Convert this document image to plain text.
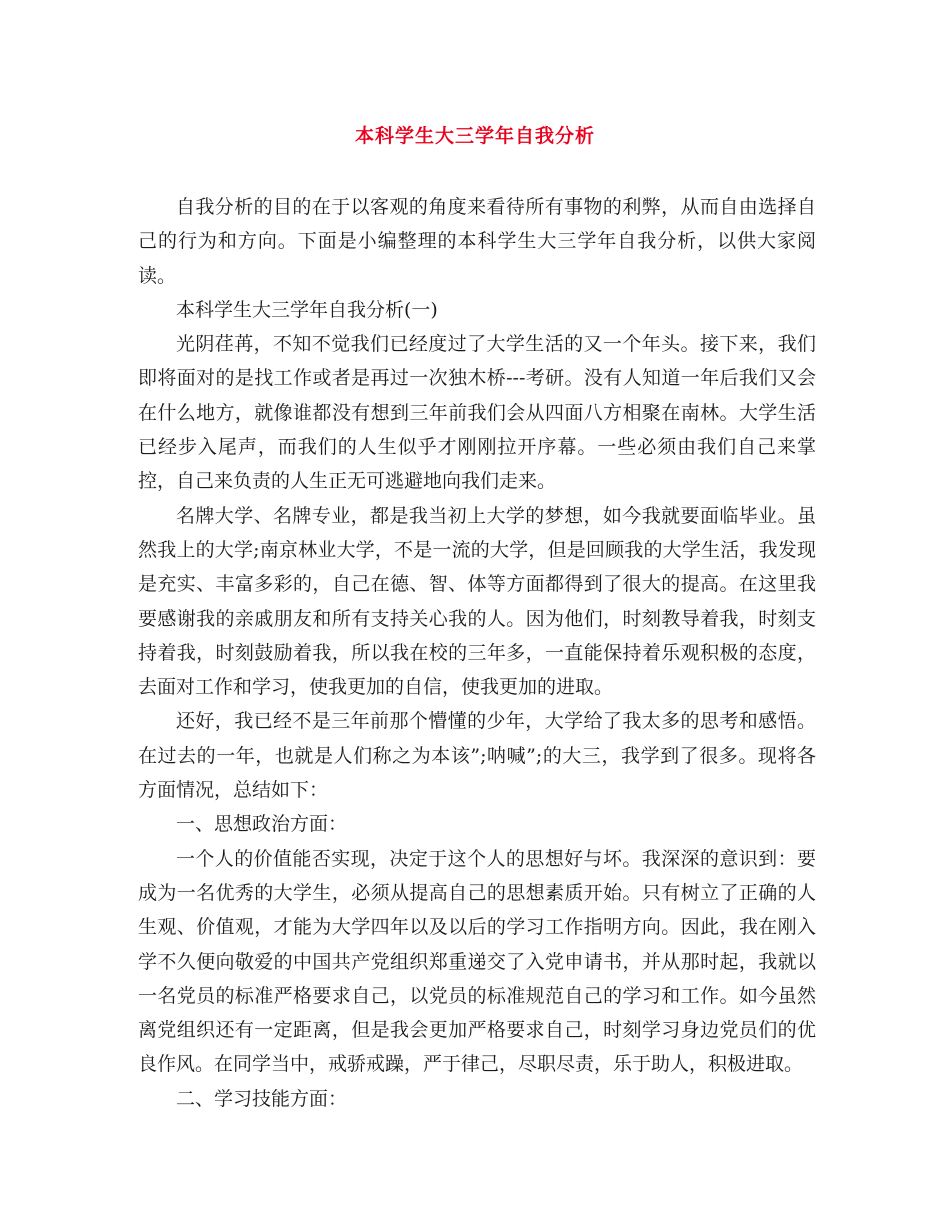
本科学生大三学年自我分析

自我分析的目的在于以客观的角度来看待所有事物的利弊，从而自由选择自己的行为和方向。下面是小编整理的本科学生大三学年自我分析，以供大家阅读。

本科学生大三学年自我分析(一)

光阴荏苒，不知不觉我们已经度过了大学生活的又一个年头。接下来，我们即将面对的是找工作或者是再过一次独木桥---考研。没有人知道一年后我们又会在什么地方，就像谁都没有想到三年前我们会从四面八方相聚在南林。大学生活已经步入尾声，而我们的人生似乎才刚刚拉开序幕。一些必须由我们自己来掌控，自己来负责的人生正无可逃避地向我们走来。

名牌大学、名牌专业，都是我当初上大学的梦想，如今我就要面临毕业。虽然我上的大学;南京林业大学，不是一流的大学，但是回顾我的大学生活，我发现是充实、丰富多彩的，自己在德、智、体等方面都得到了很大的提高。在这里我要感谢我的亲戚朋友和所有支持关心我的人。因为他们，时刻教导着我，时刻支持着我，时刻鼓励着我，所以我在校的三年多，一直能保持着乐观积极的态度，去面对工作和学习，使我更加的自信，使我更加的进取。

还好，我已经不是三年前那个懵懂的少年，大学给了我太多的思考和感悟。在过去的一年，也就是人们称之为本该”;呐喊”;的大三，我学到了很多。现将各方面情况，总结如下：

一、思想政治方面：

一个人的价值能否实现，决定于这个人的思想好与坏。我深深的意识到：要成为一名优秀的大学生，必须从提高自己的思想素质开始。只有树立了正确的人生观、价值观，才能为大学四年以及以后的学习工作指明方向。因此，我在刚入学不久便向敬爱的中国共产党组织郑重递交了入党申请书，并从那时起，我就以一名党员的标准严格要求自己，以党员的标准规范自己的学习和工作。如今虽然离党组织还有一定距离，但是我会更加严格要求自己，时刻学习身边党员们的优良作风。在同学当中，戒骄戒躁，严于律己，尽职尽责，乐于助人，积极进取。

二、学习技能方面：
